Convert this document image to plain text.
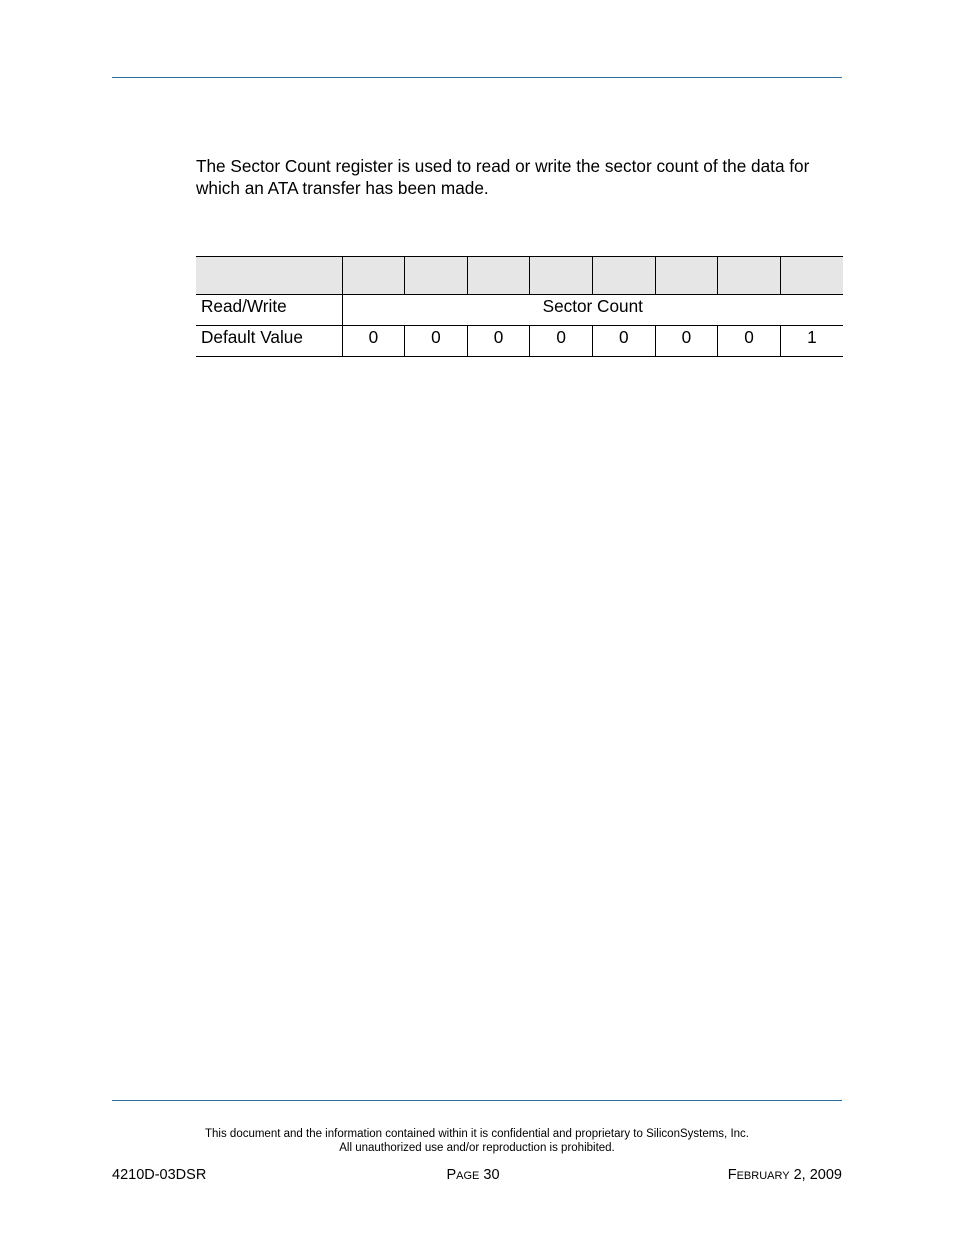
The Sector Count register is used to read or write the sector count of the data for which an ATA transfer has been made.

Read/Write	Sector Count							
Default Value	0	0	0	0	0	0	0	1
This document and the information contained within it is confidential and proprietary to SiliconSystems, Inc.
All unauthorized use and/or reproduction is prohibited.
4210D-03DSR	PAGE 30	FEBRUARY 2, 2009
